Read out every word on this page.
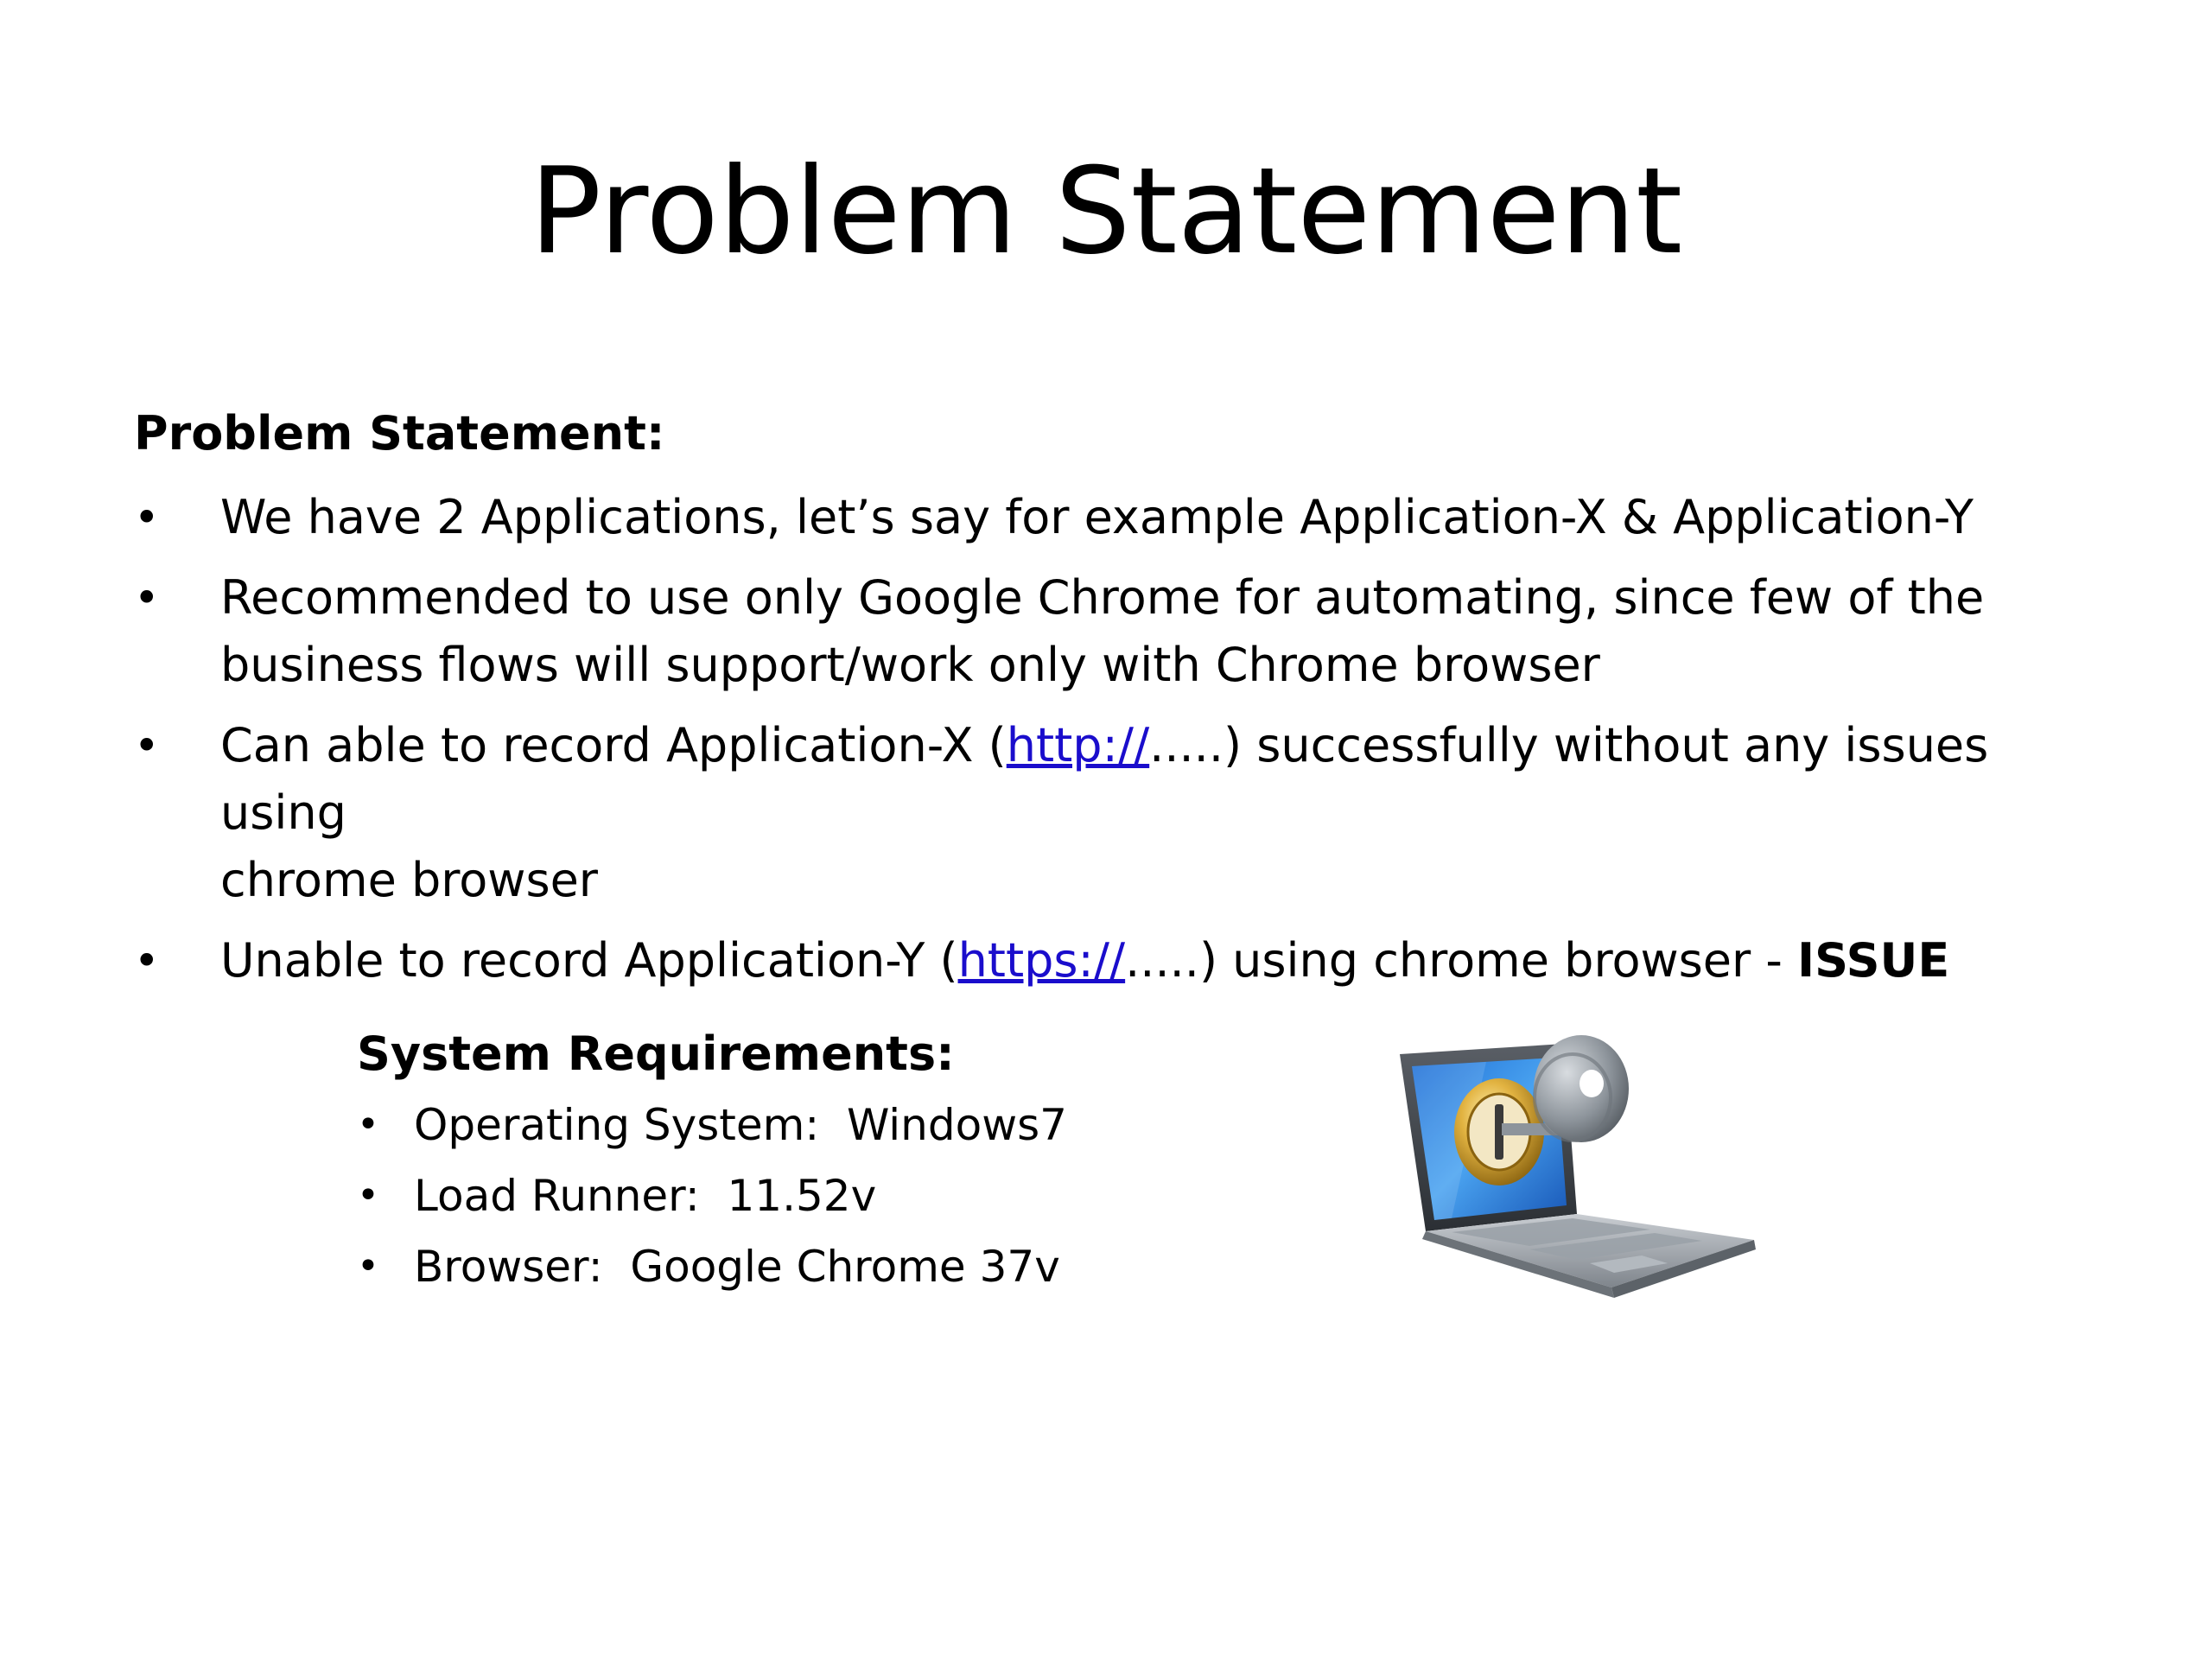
Problem Statement
Problem Statement:
• We have 2 Applications, let’s say for example Application-X & Application-Y
• Recommended to use only Google Chrome for automating, since few of the
business flows will support/work only with Chrome browser
• Can able to record Application-X (http://.....) successfully without any issues using
chrome browser
• Unable to record Application-Y (https://.....) using chrome browser - ISSUE
System Requirements:
• Operating System:  Windows7
• Load Runner:  11.52v
• Browser:  Google Chrome 37v
